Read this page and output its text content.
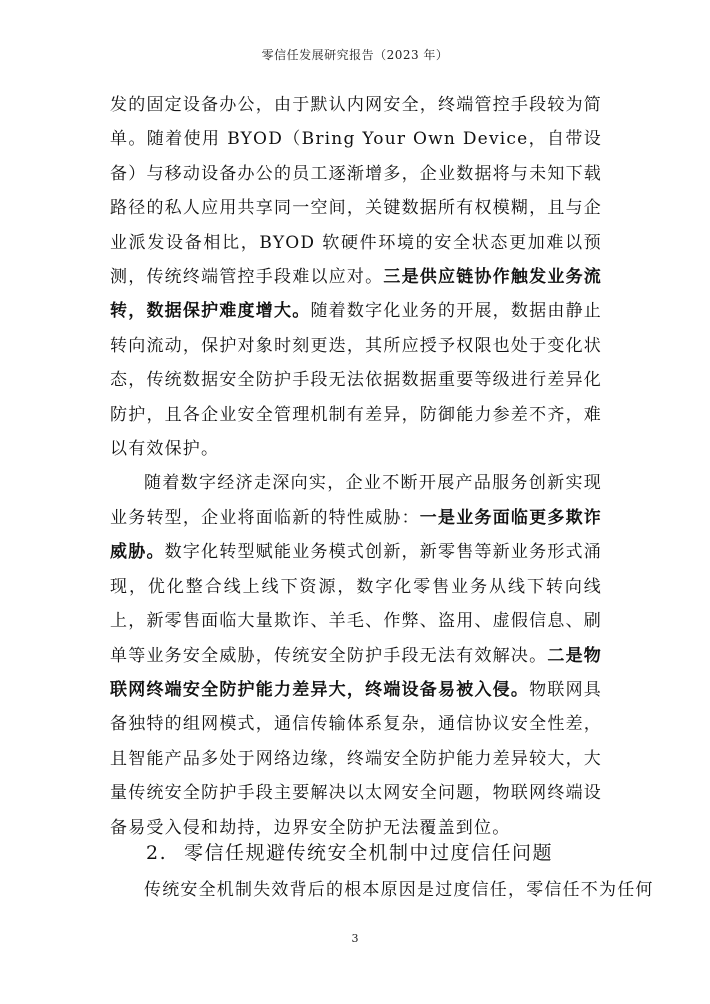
零信任发展研究报告（2023 年）

发的固定设备办公，由于默认内网安全，终端管控手段较为简单。随着使用 BYOD（Bring Your Own Device，自带设备）与移动设备办公的员工逐渐增多，企业数据将与未知下载路径的私人应用共享同一空间，关键数据所有权模糊，且与企业派发设备相比，BYOD 软硬件环境的安全状态更加难以预测，传统终端管控手段难以应对。三是供应链协作触发业务流转，数据保护难度增大。随着数字化业务的开展，数据由静止转向流动，保护对象时刻更迭，其所应授予权限也处于变化状态，传统数据安全防护手段无法依据数据重要等级进行差异化防护，且各企业安全管理机制有差异，防御能力参差不齐，难以有效保护。

随着数字经济走深向实，企业不断开展产品服务创新实现业务转型，企业将面临新的特性威胁：一是业务面临更多欺诈威胁。数字化转型赋能业务模式创新，新零售等新业务形式涌现，优化整合线上线下资源，数字化零售业务从线下转向线上，新零售面临大量欺诈、羊毛、作弊、盗用、虚假信息、刷单等业务安全威胁，传统安全防护手段无法有效解决。二是物联网终端安全防护能力差异大，终端设备易被入侵。物联网具备独特的组网模式，通信传输体系复杂，通信协议安全性差，且智能产品多处于网络边缘，终端安全防护能力差异较大，大量传统安全防护手段主要解决以太网安全问题，物联网终端设备易受入侵和劫持，边界安全防护无法覆盖到位。

2. 零信任规避传统安全机制中过度信任问题
传统安全机制失效背后的根本原因是过度信任，零信任不为任何
3
